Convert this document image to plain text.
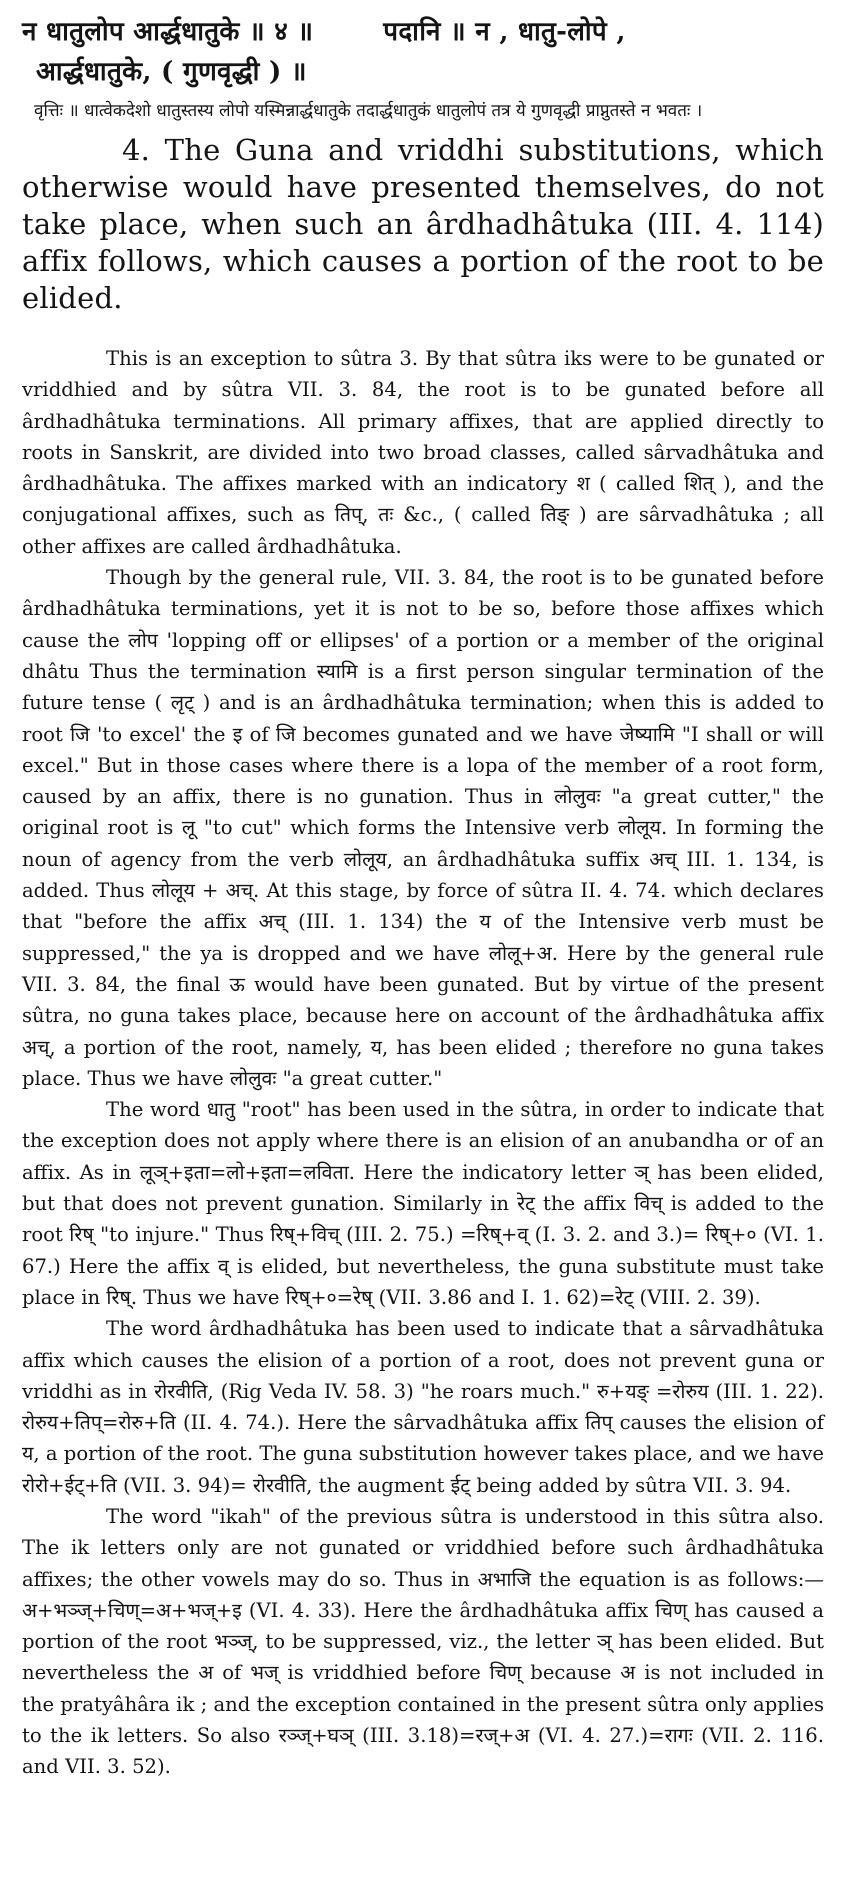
न धातुलोप आर्द्धधातुके ॥ ४ ॥	पदानि ॥ न , धातु-लोपे ,

आर्द्धधातुके, ( गुणवृद्धी ) ॥

वृत्तिः ॥ धात्वेकदेशो धातुस्तस्य लोपो यस्मिन्नार्द्धधातुके तदार्द्धधातुकं धातुलोपं तत्र ये गुणवृद्धी प्राप्नुतस्ते न भवतः ।

4. The Guna and vriddhi substitutions, which otherwise would have presented themselves, do not take place, when such an ârdhadhâtuka (III. 4. 114) affix follows, which causes a portion of the root to be elided.

This is an exception to sûtra 3. By that sûtra iks were to be gunated or vriddhied and by sûtra VII. 3. 84, the root is to be gunated before all ârdhadhâtuka terminations. All primary affixes, that are applied directly to roots in Sanskrit, are divided into two broad classes, called sârvadhâtuka and ârdhadhâtuka. The affixes marked with an indicatory श ( called शित् ), and the conjugational affixes, such as तिप्, तः &c., ( called तिङ् ) are sârvadhâtuka ; all other affixes are called ârdhadhâtuka.

Though by the general rule, VII. 3. 84, the root is to be gunated before ârdhadhâtuka terminations, yet it is not to be so, before those affixes which cause the लोप 'lopping off or ellipses' of a portion or a member of the original dhâtu Thus the termination स्यामि is a first person singular termination of the future tense ( लृट् ) and is an ârdhadhâtuka termination; when this is added to root जि 'to excel' the इ of जि becomes gunated and we have जेष्यामि "I shall or will excel." But in those cases where there is a lopa of the member of a root form, caused by an affix, there is no gunation. Thus in लोलुवः "a great cutter," the original root is लू "to cut" which forms the Intensive verb लोलूय. In forming the noun of agency from the verb लोलूय, an ârdhadhâtuka suffix अच् III. 1. 134, is added. Thus लोलूय + अच्. At this stage, by force of sûtra II. 4. 74. which declares that "before the affix अच् (III. 1. 134) the य of the Intensive verb must be suppressed," the ya is dropped and we have लोलू+अ. Here by the general rule VII. 3. 84, the final ऊ would have been gunated. But by virtue of the present sûtra, no guna takes place, because here on account of the ârdhadhâtuka affix अच्, a portion of the root, namely, य, has been elided ; therefore no guna takes place. Thus we have लोलुवः "a great cutter."

The word धातु "root" has been used in the sûtra, in order to indicate that the exception does not apply where there is an elision of an anubandha or of an affix. As in लूञ्+इता=लो+इता=लविता. Here the indicatory letter ञ् has been elided, but that does not prevent gunation. Similarly in रेट् the affix विच् is added to the root रिष् "to injure." Thus रिष्+विच् (III. 2. 75.) =रिष्+व् (I. 3. 2. and 3.)= रिष्+० (VI. 1. 67.) Here the affix व् is elided, but nevertheless, the guna substitute must take place in रिष्. Thus we have रिष्+०=रेष् (VII. 3.86 and I. 1. 62)=रेट् (VIII. 2. 39).

The word ârdhadhâtuka has been used to indicate that a sârvadhâtuka affix which causes the elision of a portion of a root, does not prevent guna or vriddhi as in रोरवीति, (Rig Veda IV. 58. 3) "he roars much." रु+यङ् =रोरुय (III. 1. 22). रोरुय+तिप्=रोरु+ति (II. 4. 74.). Here the sârvadhâtuka affix तिप् causes the elision of य, a portion of the root. The guna substitution however takes place, and we have रोरो+ईट्+ति (VII. 3. 94)= रोरवीति, the augment ईट् being added by sûtra VII. 3. 94.

The word "ikah" of the previous sûtra is understood in this sûtra also. The ik letters only are not gunated or vriddhied before such ârdhadhâtuka affixes; the other vowels may do so. Thus in अभाजि the equation is as follows:—अ+भञ्ज्+चिण्=अ+भज्+इ (VI. 4. 33). Here the ârdhadhâtuka affix चिण् has caused a portion of the root भञ्ज्, to be suppressed, viz., the letter ञ् has been elided. But nevertheless the अ of भज् is vriddhied before चिण् because अ is not included in the pratyâhâra ik ; and the exception contained in the present sûtra only applies to the ik letters. So also रञ्ज्+घञ् (III. 3.18)=रज्+अ (VI. 4. 27.)=रागः (VII. 2. 116. and VII. 3. 52).
